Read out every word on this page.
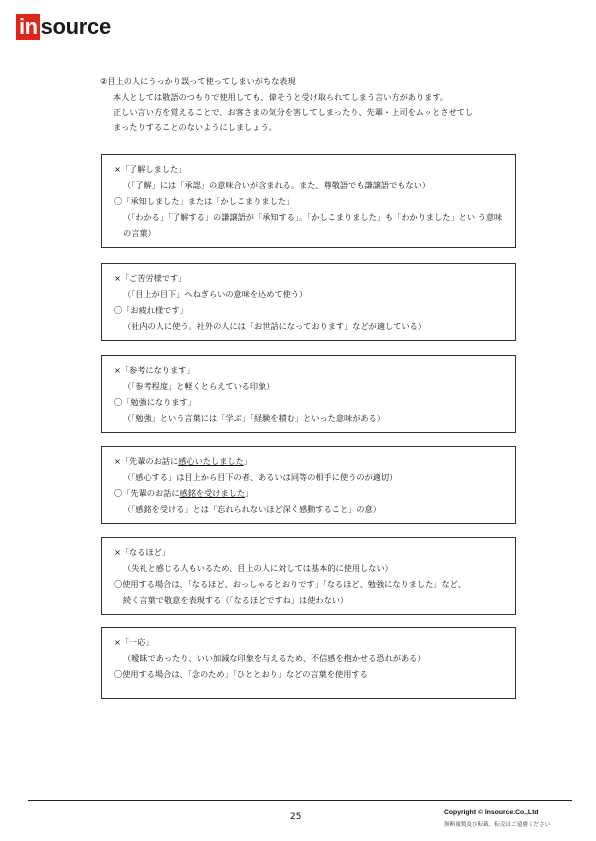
in source
②目上の人にうっかり誤って使ってしまいがちな表現

本人としては敬語のつもりで使用しても、偉そうと受け取られてしまう言い方があります。

正しい言い方を覚えることで、お客さまの気分を害してしまったり、先輩・上司をムッとさせてし

まったりすることのないようにしましょう。

×「了解しました」
（「了解」には「承認」の意味合いが含まれる。また、尊敬語でも謙譲語でもない）
〇「承知しました」または「かしこまりました」
（「わかる」「了解する」の謙譲語が「承知する」。「かしこまりました」も「わかりました」とい う意味の言葉）
×「ご苦労様です」
（「目上が目下」へねぎらいの意味を込めて使う）
〇「お疲れ様です」
（社内の人に使う。社外の人には「お世話になっております」などが適している）
×「参考になります」
（「参考程度」と軽くとらえている印象）
〇「勉強になります」
（「勉強」という言葉には「学ぶ」「経験を積む」といった意味がある）
×「先輩のお話に感心いたしました」
（「感心する」は目上から目下の者、あるいは同等の相手に使うのが適切）
〇「先輩のお話に感銘を受けました」
（「感銘を受ける」とは「忘れられないほど深く感動すること」の意）
×「なるほど」
（失礼と感じる人もいるため、目上の人に対しては基本的に使用しない）
〇使用する場合は、「なるほど、おっしゃるとおりです」「なるほど、勉強になりました」など、
続く言葉で敬意を表現する（「なるほどですね」は使わない）
×「一応」
（曖昧であったり、いい加減な印象を与えるため、不信感を抱かせる恐れがある）
〇使用する場合は、「念のため」「ひととおり」などの言葉を使用する
25	Copyright © Insource.Co.,Ltd
無断複製及び転載、転売はご遠慮ください
